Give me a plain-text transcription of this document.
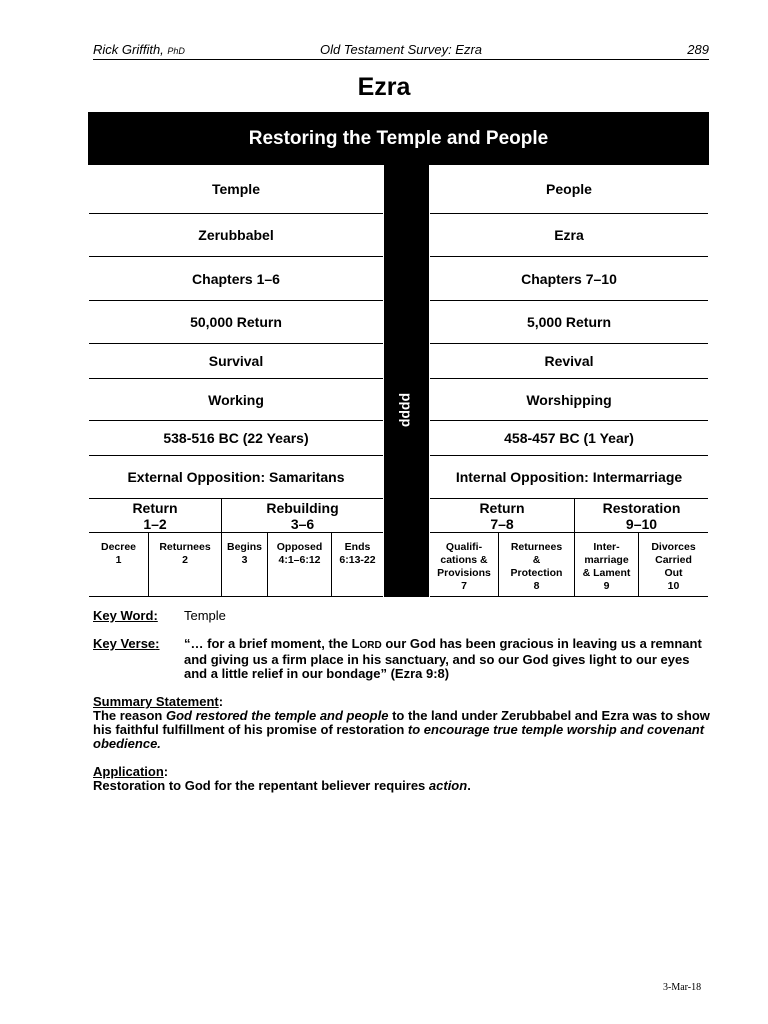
Rick Griffith, PhD	Old Testament Survey: Ezra	289
Ezra
Restoring the Temple and People
Temple
Zerubbabel
Chapters 1–6
50,000 Return
Survival
Working
538-516 BC (22 Years)
External Opposition: Samaritans
Return
1–2
Rebuilding
3–6
Decree
1
Returnees
2
Begins
3
Opposed
4:1–6:12
Ends
6:13-22
pppp
People
Ezra
Chapters 7–10
5,000 Return
Revival
Worshipping
458-457 BC (1 Year)
Internal Opposition: Intermarriage
Return
7–8
Restoration
9–10
Qualifi-
cations &
Provisions
7
Returnees
&
Protection
8
Inter-
marriage
& Lament
9
Divorces
Carried
Out
10
Key Word: Temple
Key Verse: “… for a brief moment, the LORD our God has been gracious in leaving us a remnant and giving us a firm place in his sanctuary, and so our God gives light to our eyes and a little relief in our bondage” (Ezra 9:8)
Summary Statement:
The reason God restored the temple and people to the land under Zerubbabel and Ezra was to show his faithful fulfillment of his promise of restoration to encourage true temple worship and covenant obedience.
Application:
Restoration to God for the repentant believer requires action.
3-Mar-18
